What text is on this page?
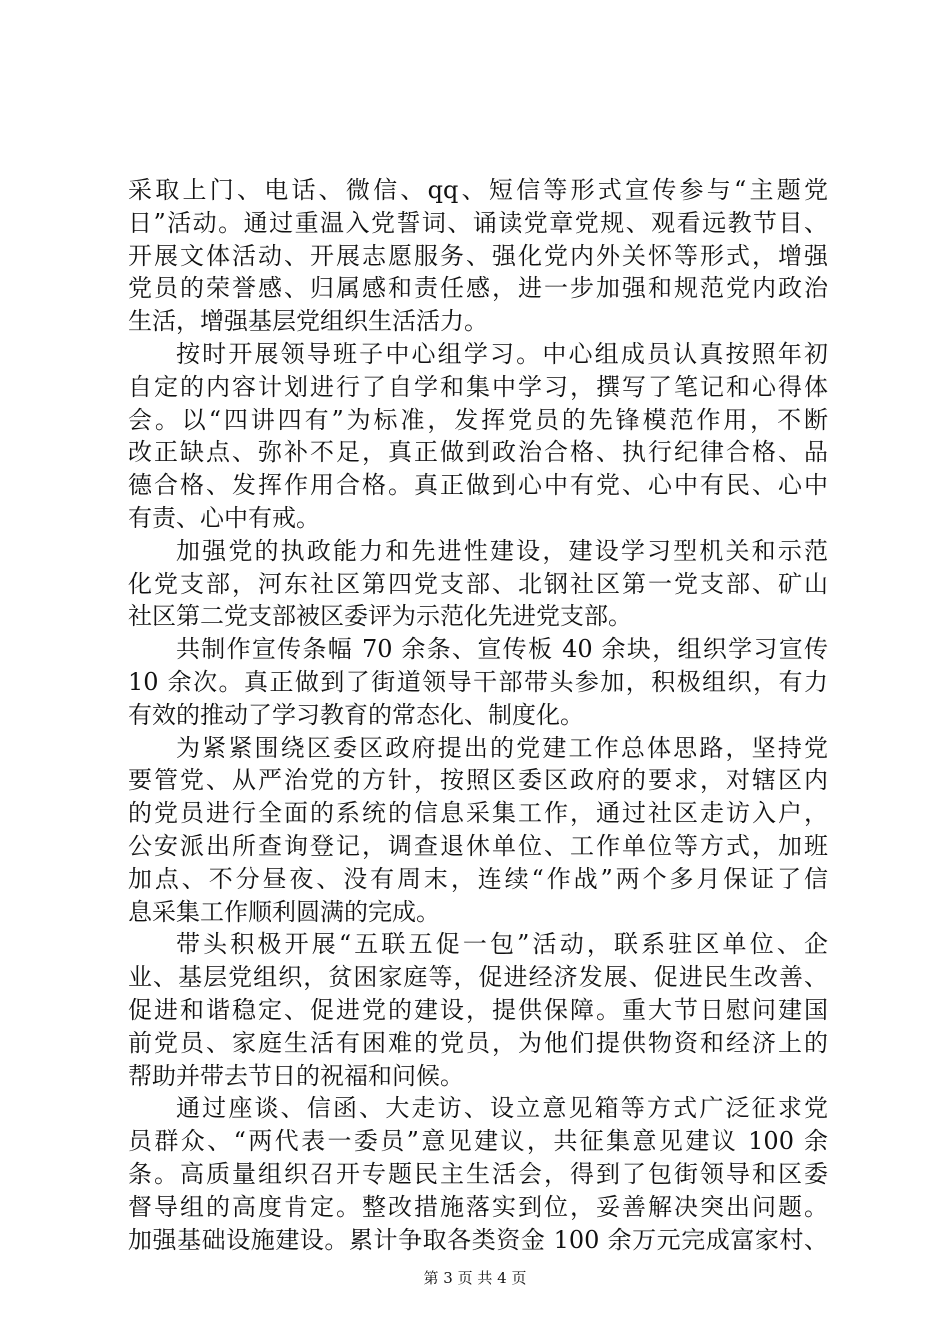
采取上门、电话、微信、qq、短信等形式宣传参与“主题党
日”活动。通过重温入党誓词、诵读党章党规、观看远教节目、
开展文体活动、开展志愿服务、强化党内外关怀等形式，增强
党员的荣誉感、归属感和责任感，进一步加强和规范党内政治
生活，增强基层党组织生活活力。
按时开展领导班子中心组学习。中心组成员认真按照年初
自定的内容计划进行了自学和集中学习，撰写了笔记和心得体
会。以“四讲四有”为标准，发挥党员的先锋模范作用，不断
改正缺点、弥补不足，真正做到政治合格、执行纪律合格、品
德合格、发挥作用合格。真正做到心中有党、心中有民、心中
有责、心中有戒。
加强党的执政能力和先进性建设，建设学习型机关和示范
化党支部，河东社区第四党支部、北钢社区第一党支部、矿山
社区第二党支部被区委评为示范化先进党支部。
共制作宣传条幅 70 余条、宣传板 40 余块，组织学习宣传
10 余次。真正做到了街道领导干部带头参加，积极组织，有力
有效的推动了学习教育的常态化、制度化。
为紧紧围绕区委区政府提出的党建工作总体思路，坚持党
要管党、从严治党的方针，按照区委区政府的要求，对辖区内
的党员进行全面的系统的信息采集工作，通过社区走访入户，
公安派出所查询登记，调查退休单位、工作单位等方式，加班
加点、不分昼夜、没有周末，连续“作战”两个多月保证了信
息采集工作顺利圆满的完成。
带头积极开展“五联五促一包”活动，联系驻区单位、企
业、基层党组织，贫困家庭等，促进经济发展、促进民生改善、
促进和谐稳定、促进党的建设，提供保障。重大节日慰问建国
前党员、家庭生活有困难的党员，为他们提供物资和经济上的
帮助并带去节日的祝福和问候。
通过座谈、信函、大走访、设立意见箱等方式广泛征求党
员群众、“两代表一委员”意见建议，共征集意见建议 100 余
条。高质量组织召开专题民主生活会，得到了包街领导和区委
督导组的高度肯定。整改措施落实到位，妥善解决突出问题。
加强基础设施建设。累计争取各类资金 100 余万元完成富家村、
第 3 页 共 4 页
